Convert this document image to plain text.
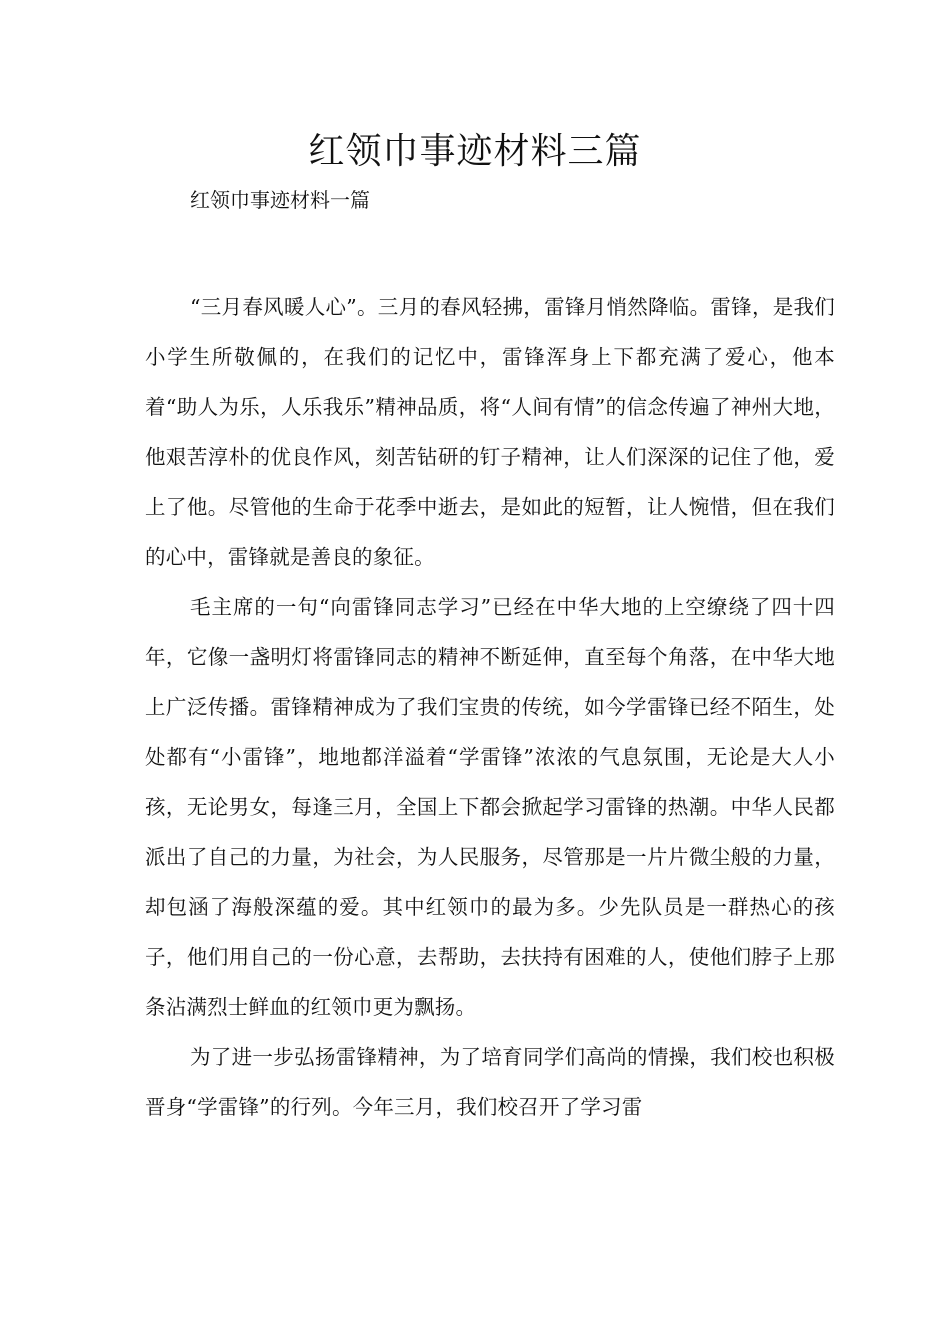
红领巾事迹材料三篇

红领巾事迹材料一篇

“三月春风暖人心”。三月的春风轻拂，雷锋月悄然降临。雷锋，是我们小学生所敬佩的，在我们的记忆中，雷锋浑身上下都充满了爱心，他本着“助人为乐，人乐我乐”精神品质，将“人间有情”的信念传遍了神州大地，他艰苦淳朴的优良作风，刻苦钻研的钉子精神，让人们深深的记住了他，爱上了他。尽管他的生命于花季中逝去，是如此的短暂，让人惋惜，但在我们的心中，雷锋就是善良的象征。

毛主席的一句“向雷锋同志学习”已经在中华大地的上空缭绕了四十四年，它像一盏明灯将雷锋同志的精神不断延伸，直至每个角落，在中华大地上广泛传播。雷锋精神成为了我们宝贵的传统，如今学雷锋已经不陌生，处处都有“小雷锋”，地地都洋溢着“学雷锋”浓浓的气息氛围，无论是大人小孩，无论男女，每逢三月，全国上下都会掀起学习雷锋的热潮。中华人民都派出了自己的力量，为社会，为人民服务，尽管那是一片片微尘般的力量，却包涵了海般深蕴的爱。其中红领巾的最为多。少先队员是一群热心的孩子，他们用自己的一份心意，去帮助，去扶持有困难的人，使他们脖子上那条沾满烈士鲜血的红领巾更为飘扬。

为了进一步弘扬雷锋精神，为了培育同学们高尚的情操，我们校也积极晋身“学雷锋”的行列。今年三月，我们校召开了学习雷
